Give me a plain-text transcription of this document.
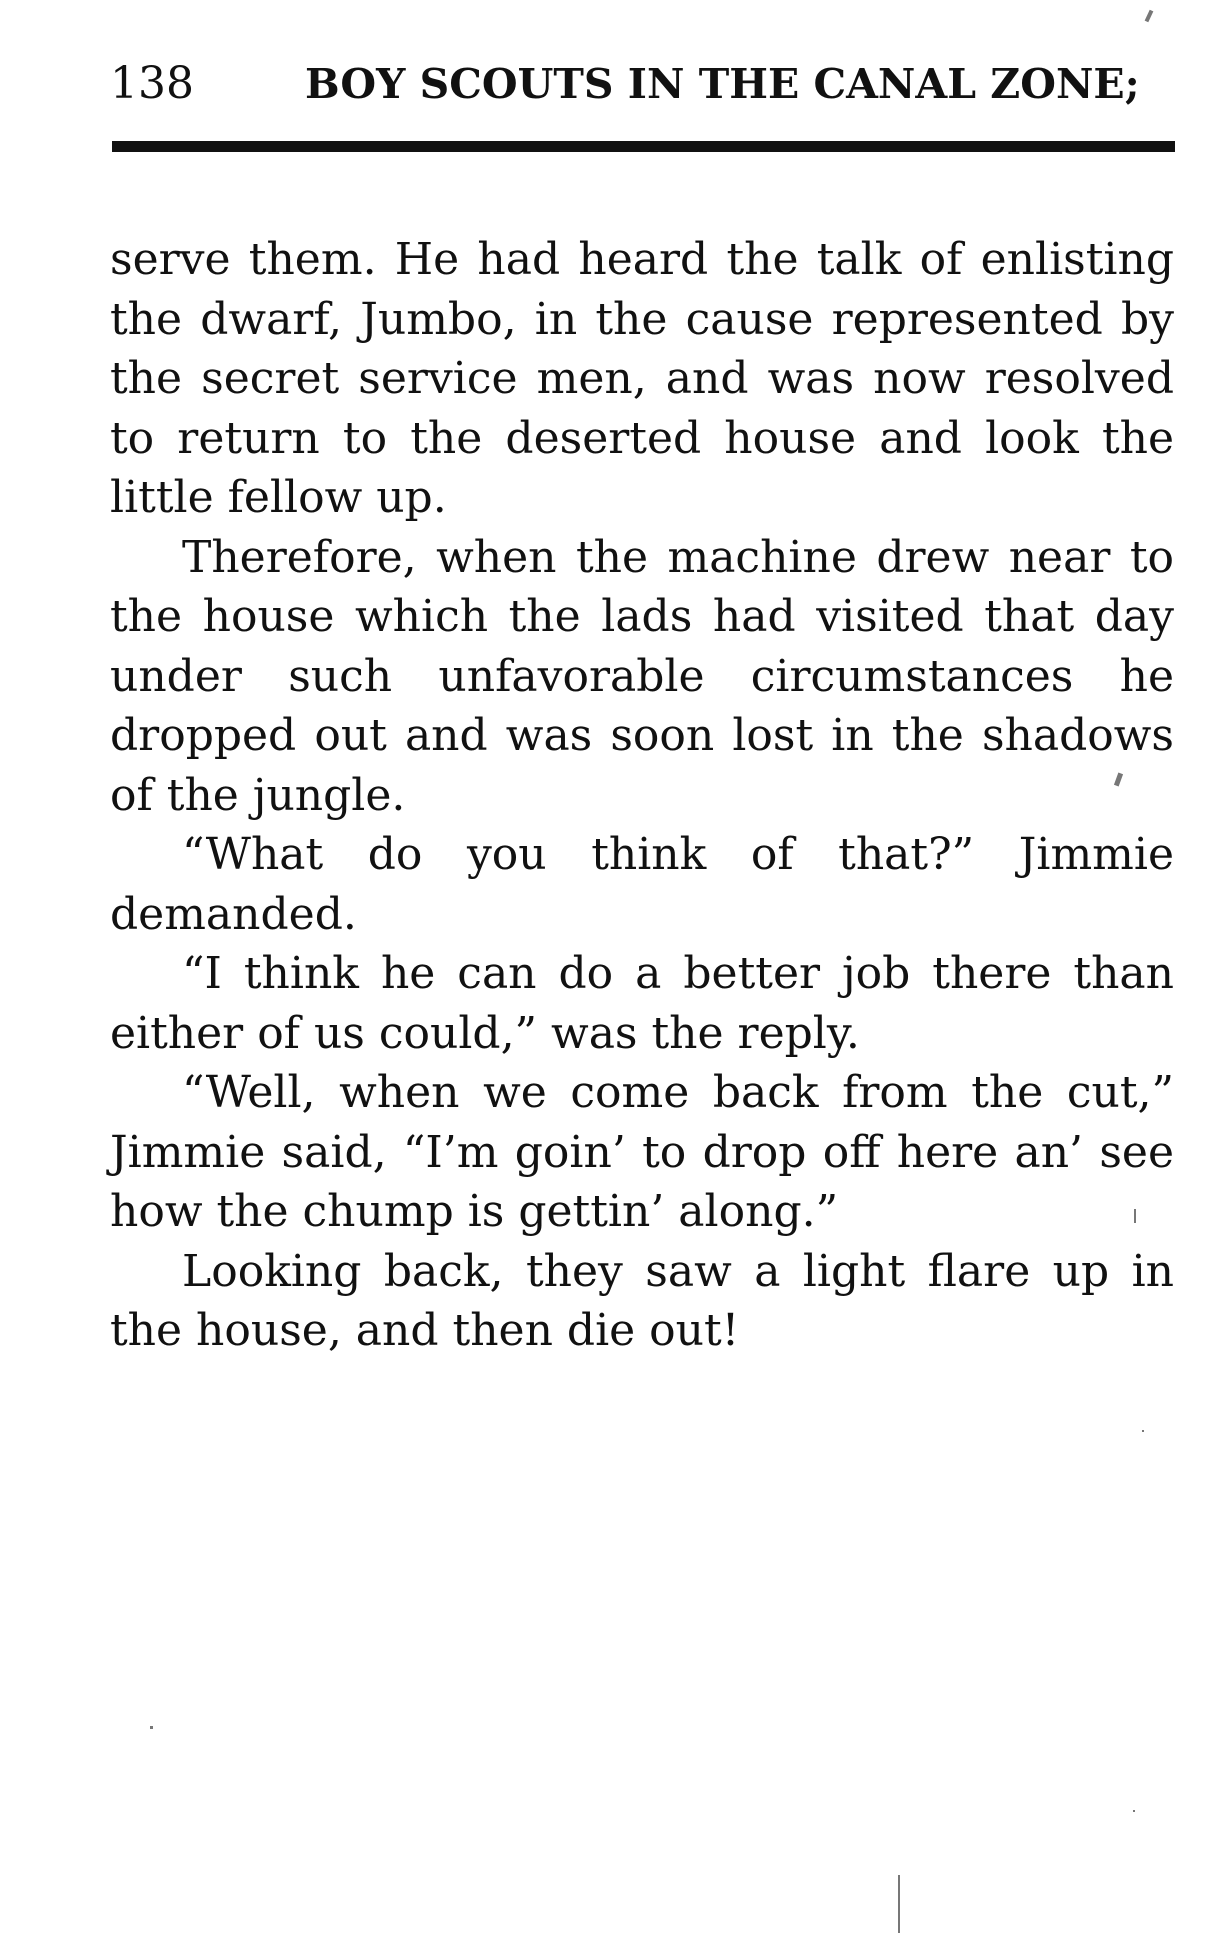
138	BOY SCOUTS IN THE CANAL ZONE;

serve them. He had heard the talk of enlisting the dwarf, Jumbo, in the cause represented by the secret service men, and was now resolved to return to the deserted house and look the little fellow up.

Therefore, when the machine drew near to the house which the lads had visited that day under such unfavorable circumstances he dropped out and was soon lost in the shadows of the jungle.

“What do you think of that?” Jimmie demanded.

“I think he can do a better job there than either of us could,” was the reply.

“Well, when we come back from the cut,” Jimmie said, “I’m goin’ to drop off here an’ see how the chump is gettin’ along.”

Looking back, they saw a light flare up in the house, and then die out!
